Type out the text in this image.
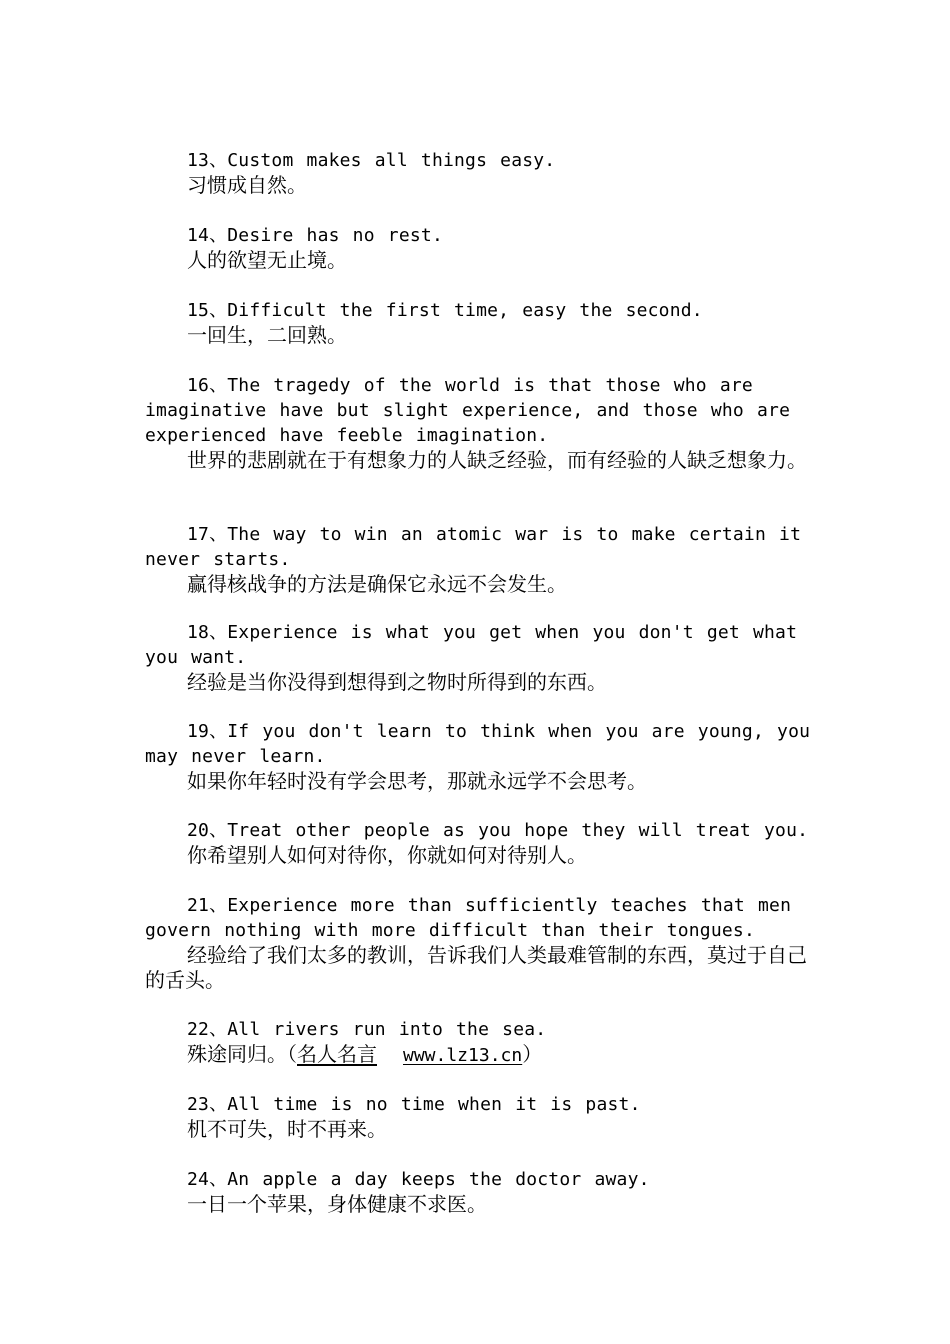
13、Custom makes all things easy.

习惯成自然。

14、Desire has no rest.

人的欲望无止境。

15、Difficult the first time, easy the second.

一回生，二回熟。

16、The tragedy of the world is that those who are imaginative have but slight experience, and those who are experienced have feeble imagination.

世界的悲剧就在于有想象力的人缺乏经验，而有经验的人缺乏想象力。

17、The way to win an atomic war is to make certain it never starts.

赢得核战争的方法是确保它永远不会发生。

18、Experience is what you get when you don't get what you want.

经验是当你没得到想得到之物时所得到的东西。

19、If you don't learn to think when you are young, you may never learn.

如果你年轻时没有学会思考，那就永远学不会思考。

20、Treat other people as you hope they will treat you.

你希望别人如何对待你，你就如何对待别人。

21、Experience more than sufficiently teaches that men govern nothing with more difficult than their tongues.

经验给了我们太多的教训，告诉我们人类最难管制的东西，莫过于自己的舌头。

22、All rivers run into the sea.

殊途同归。（名人名言 www.lz13.cn）

23、All time is no time when it is past.

机不可失，时不再来。

24、An apple a day keeps the doctor away.

一日一个苹果，身体健康不求医。
